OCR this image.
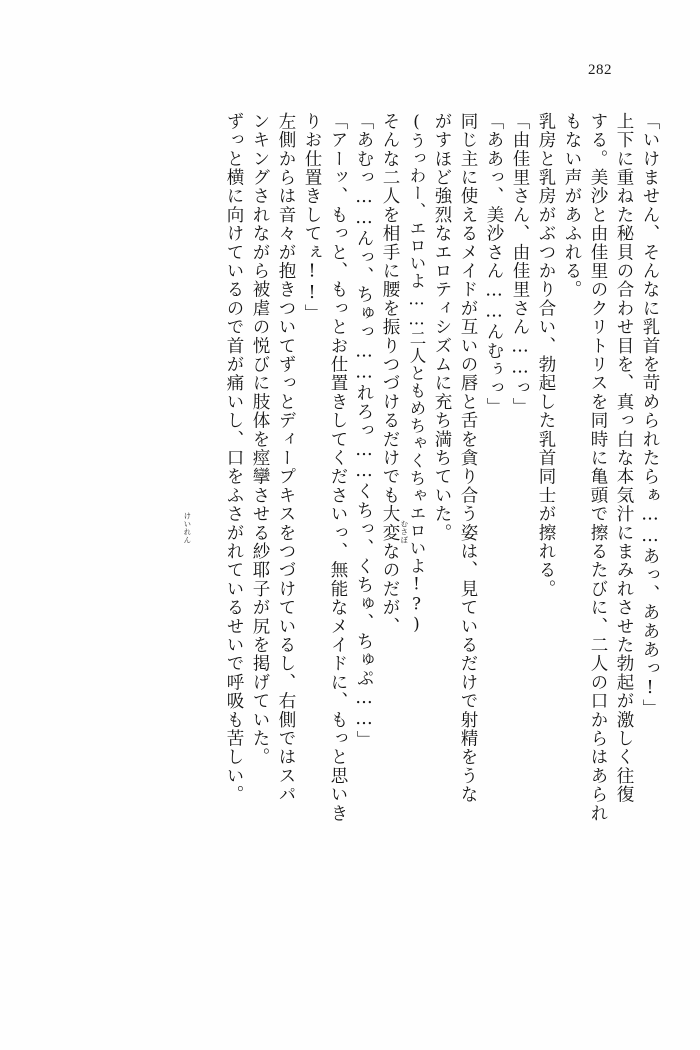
282
「いけません、そんなに乳首を苛められたらぁ……あっ、あああっ!」
上下に重ねた秘貝の合わせ目を、真っ白な本気汁にまみれさせた勃起が激しく往復
する。美沙と由佳里のクリトリスを同時に亀頭で擦るたびに、二人の口からはあられ
もない声があふれる。
乳房と乳房がぶつかり合い、勃起した乳首同士が擦れる。
「由佳里さん、由佳里さん……っ」
「ああっ、美沙さん……んむぅっ」
同じ主に使えるメイドが互いの唇と舌を貪り合う姿は、見ているだけで射精をうな
がすほど強烈なエロティシズムに充ち満ちていた。
(うっわー、エロいよ……二人ともめちゃくちゃエロいよ!?)
そんな二人を相手に腰を振りつづけるだけでも大変なのだが、
「あむっ……んっ、ちゅっ……れろっ……くちっ、くちゅ、ちゅぷ……」
「アーッ、もっと、もっとお仕置きしてくださいっ、無能なメイドに、もっと思いき
りお仕置きしてぇ!!」
左側からは音々が抱きついてずっとディープキスをつづけているし、右側ではスパ
ンキングされながら被虐の悦びに肢体を痙攣させる紗耶子が尻を掲げていた。
ずっと横に向けているので首が痛いし、口をふさがれているせいで呼吸も苦しい。	むさぼ
けいれん
